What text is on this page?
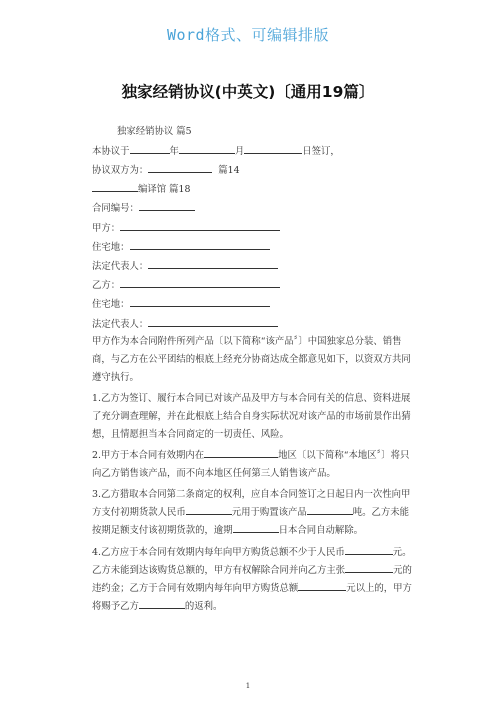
Word格式、可编辑排版
独家经销协议(中英文)〔通用19篇〕
独家经销协议 篇5
本协议于	年	月	日签订，
协议双方为：	篇14
编译馆 篇18
合同编号：
甲方：
住宅地：
法定代表人：
乙方：
住宅地：
法定代表人：
甲方作为本合同附件所列产品〔以下简称“该产品〞〕中国独家总分装、销售商，与乙方在公平团结的根底上经充分协商达成全都意见如下，以资双方共同遵守执行。
1.乙方为签订、履行本合同已对该产品及甲方与本合同有关的信息、资料进展了充分调查理解，并在此根底上结合自身实际状况对该产品的市场前景作出猜想，且情愿担当本合同商定的一切责任、风险。
2.甲方于本合同有效期内在	地区〔以下简称“本地区〞〕将只向乙方销售该产品，而不向本地区任何第三人销售该产品。
3.乙方猎取本合同第二条商定的权利，应自本合同签订之日起日内一次性向甲方支付初期货款人民币	元用于购置该产品	吨。乙方未能按期足额支付该初期货款的，逾期	日本合同自动解除。
4.乙方应于本合同有效期内每年向甲方购货总额不少于人民币	元。乙方未能到达该购货总额的，甲方有权解除合同并向乙方主张	元的违约金；乙方于合同有效期内每年向甲方购货总额	元以上的，甲方将赐予乙方	的返利。
1
